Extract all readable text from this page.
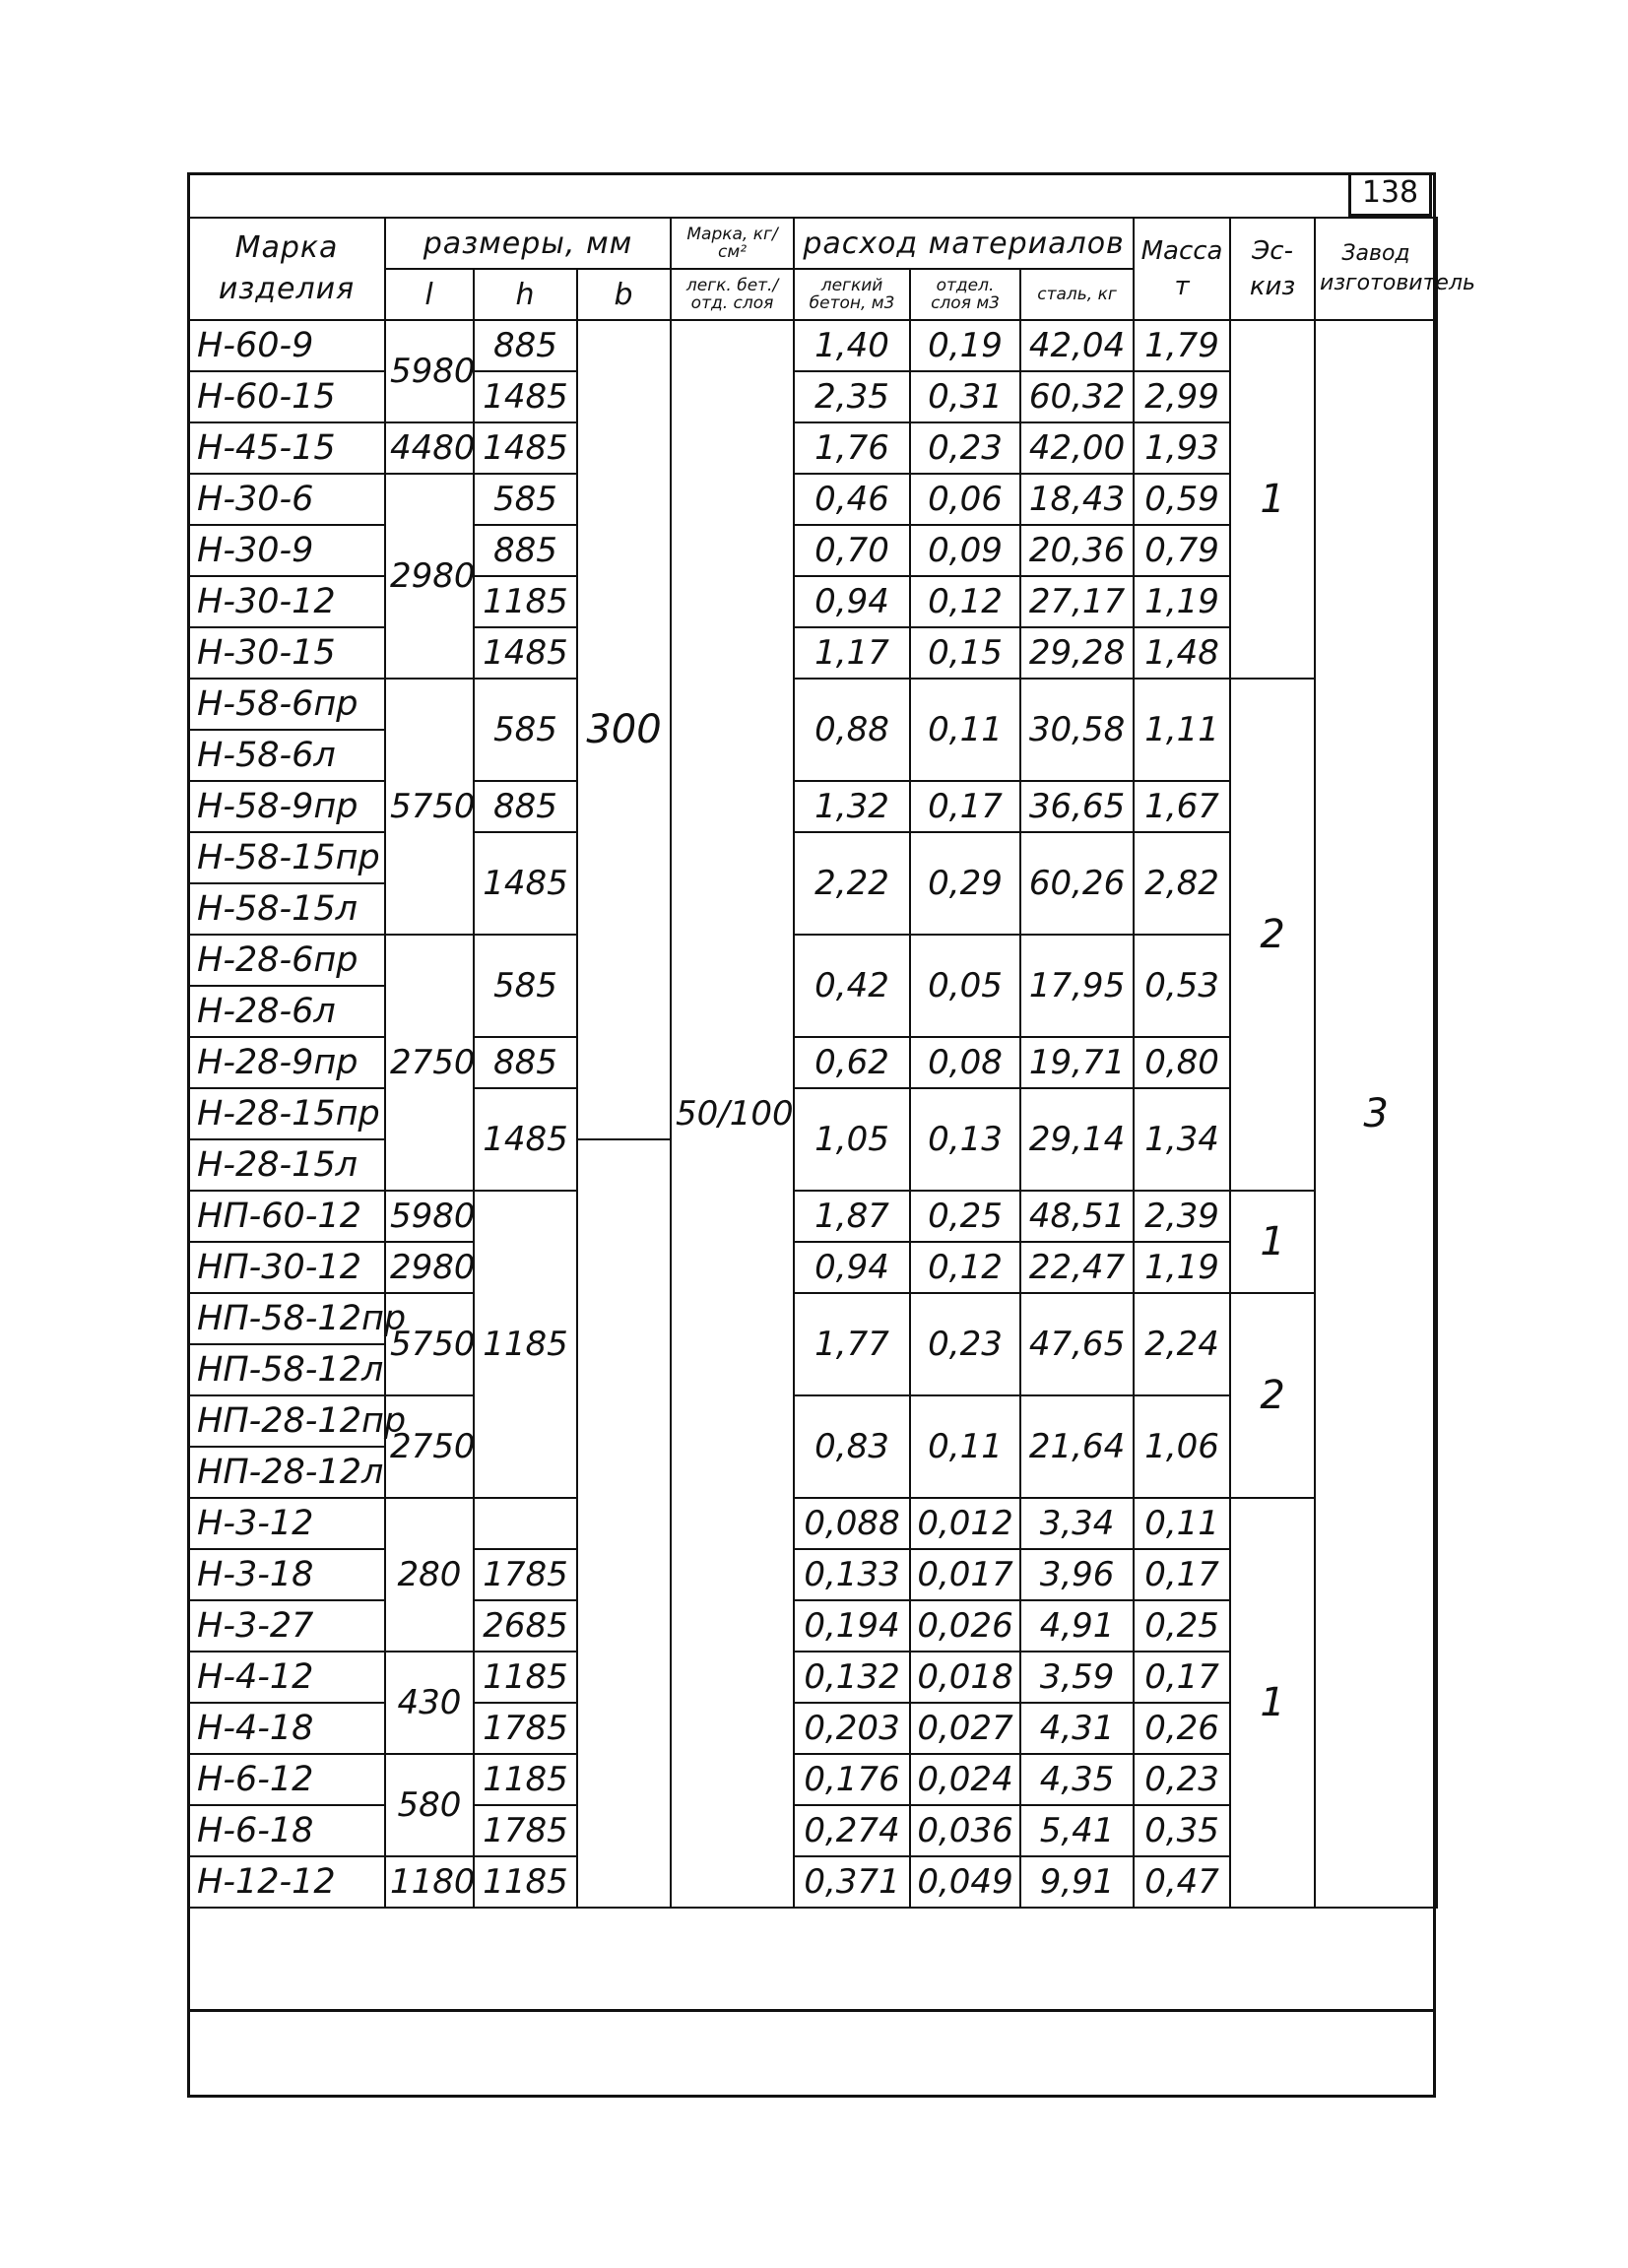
138
Марка изделия	размеры, мм			Марка, кг/см²	расход материалов			Масса т	Эс- киз	Завод изготовитель
	l	h	b	легк. бет./отд. слоя	легкий бетон, м3	отдел. слоя м3	сталь, кг			
Н-60-9	5980	885	300	50/100	1,40	0,19	42,04	1,79	1	3
Н-60-15		1485			2,35	0,31	60,32	2,99		
Н-45-15	4480	1485			1,76	0,23	42,00	1,93		
Н-30-6	2980	585			0,46	0,06	18,43	0,59		
Н-30-9		885			0,70	0,09	20,36	0,79		
Н-30-12		1185			0,94	0,12	27,17	1,19		
Н-30-15		1485			1,17	0,15	29,28	1,48		
Н-58-6пр	5750	585			0,88	0,11	30,58	1,11	2	
Н-58-6л										
Н-58-9пр		885			1,32	0,17	36,65	1,67		
Н-58-15пр		1485			2,22	0,29	60,26	2,82		
Н-58-15л										
Н-28-6пр	2750	585			0,42	0,05	17,95	0,53		
Н-28-6л										
Н-28-9пр		885			0,62	0,08	19,71	0,80		
Н-28-15пр		1485			1,05	0,13	29,14	1,34		
Н-28-15л										
НП-60-12	5980	1185			1,87	0,25	48,51	2,39	1	
НП-30-12	2980				0,94	0,12	22,47	1,19		
НП-58-12пр	5750				1,77	0,23	47,65	2,24	2	
НП-58-12л										
НП-28-12пр	2750				0,83	0,11	21,64	1,06		
НП-28-12л										
Н-3-12	280				0,088	0,012	3,34	0,11	1	
Н-3-18		1785			0,133	0,017	3,96	0,17		
Н-3-27		2685			0,194	0,026	4,91	0,25		
Н-4-12	430	1185			0,132	0,018	3,59	0,17		
Н-4-18		1785			0,203	0,027	4,31	0,26		
Н-6-12	580	1185			0,176	0,024	4,35	0,23		
Н-6-18		1785			0,274	0,036	5,41	0,35		
Н-12-12	1180	1185			0,371	0,049	9,91	0,47		
